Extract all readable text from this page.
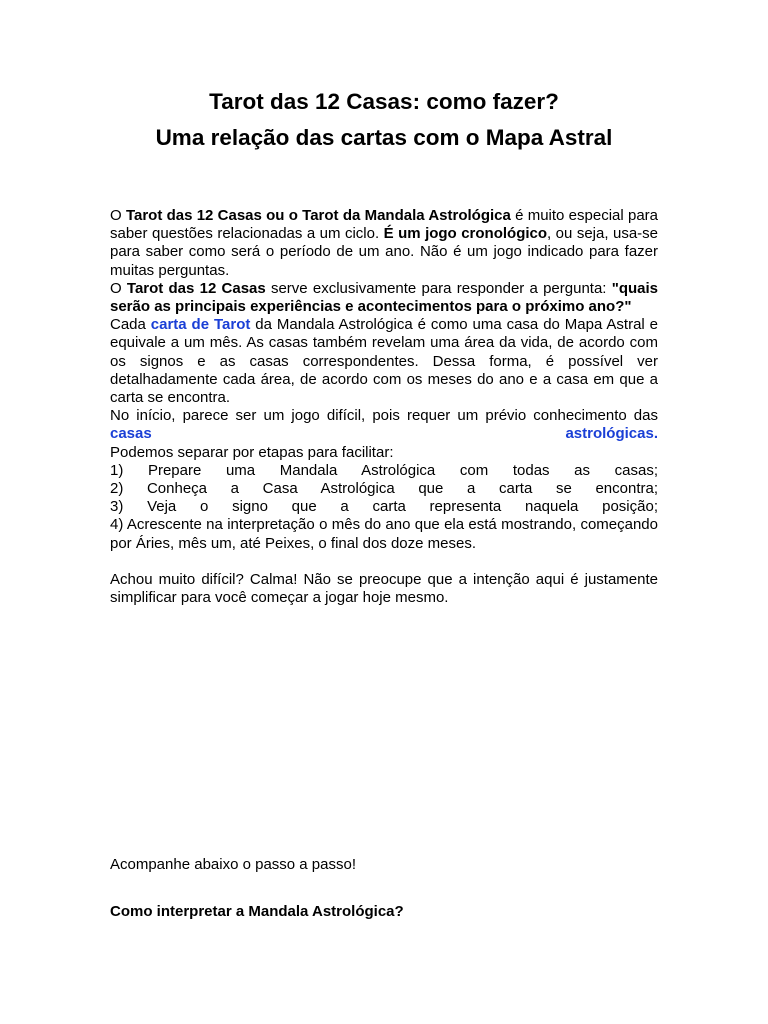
Tarot das 12 Casas: como fazer?
Uma relação das cartas com o Mapa Astral

O Tarot das 12 Casas ou o Tarot da Mandala Astrológica é muito especial para saber questões relacionadas a um ciclo. É um jogo cronológico, ou seja, usa-se para saber como será o período de um ano. Não é um jogo indicado para fazer muitas perguntas.

O Tarot das 12 Casas serve exclusivamente para responder a pergunta: "quais serão as principais experiências e acontecimentos para o próximo ano?"

Cada carta de Tarot da Mandala Astrológica é como uma casa do Mapa Astral e equivale a um mês. As casas também revelam uma área da vida, de acordo com os signos e as casas correspondentes. Dessa forma, é possível ver detalhadamente cada área, de acordo com os meses do ano e a casa em que a carta se encontra.

No início, parece ser um jogo difícil, pois requer um prévio conhecimento das casas astrológicas.

Podemos separar por etapas para facilitar:

1) Prepare uma Mandala Astrológica com todas as casas;

2) Conheça a Casa Astrológica que a carta se encontra;

3) Veja o signo que a carta representa naquela posição;

4) Acrescente na interpretação o mês do ano que ela está mostrando, começando por Áries, mês um, até Peixes, o final dos doze meses.

Achou muito difícil? Calma! Não se preocupe que a intenção aqui é justamente simplificar para você começar a jogar hoje mesmo.

Acompanhe abaixo o passo a passo!

Como interpretar a Mandala Astrológica?
